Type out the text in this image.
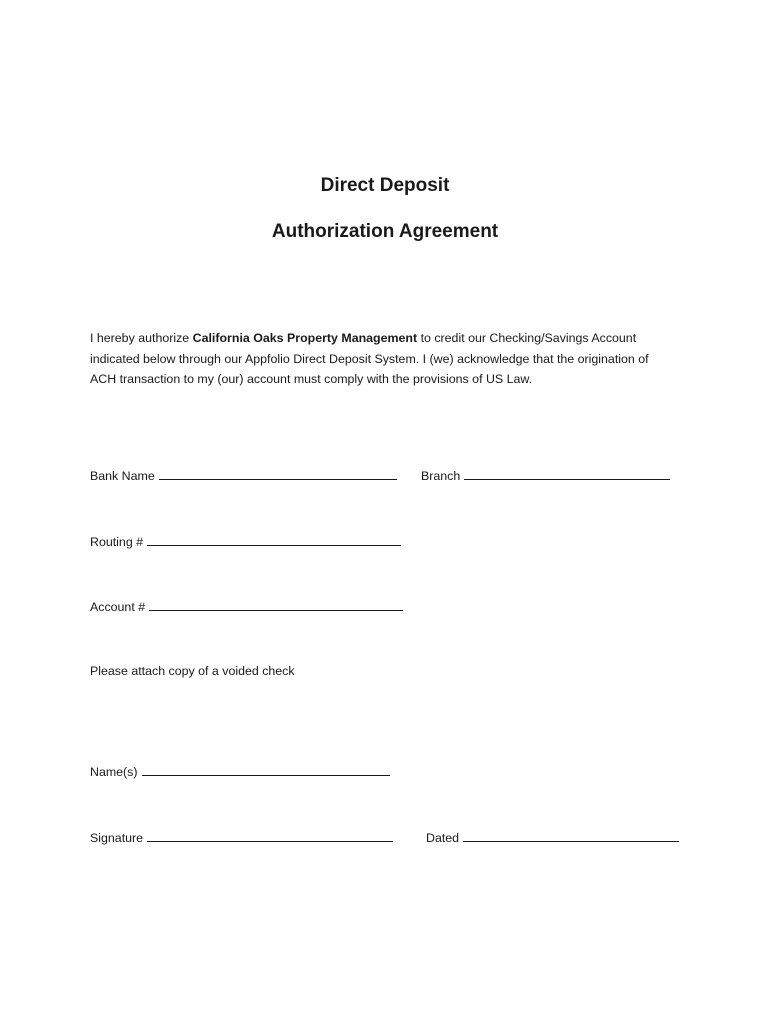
Direct Deposit
Authorization Agreement
I hereby authorize California Oaks Property Management to credit our Checking/Savings Account
indicated below through our Appfolio Direct Deposit System. I (we) acknowledge that the origination of
ACH transaction to my (our) account must comply with the provisions of US Law.
Bank Name	Branch
Routing #
Account #
Please attach copy of a voided check
Name(s)
Signature	Dated
